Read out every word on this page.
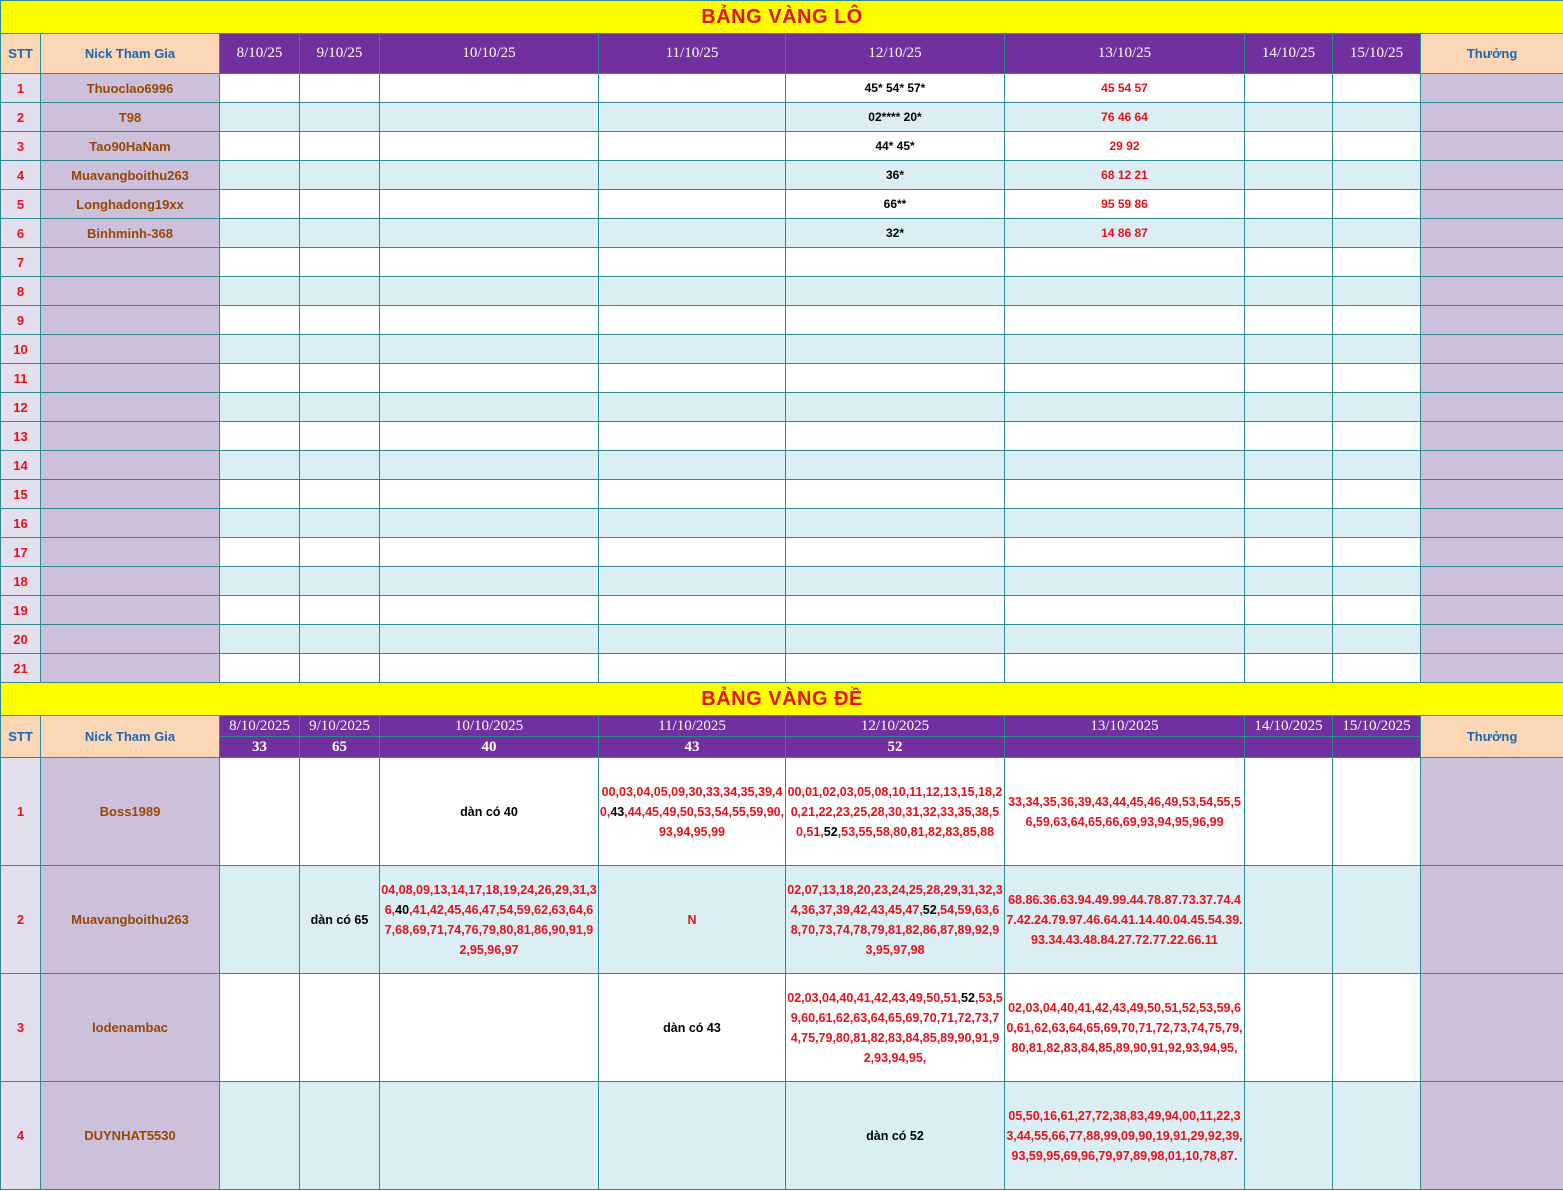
BẢNG VÀNG LÔ										
STT	Nick Tham Gia	8/10/25	9/10/25	10/10/25	11/10/25	12/10/25	13/10/25	14/10/25	15/10/25	Thưởng
1	Thuoclao6996					45* 54* 57*	45 54 57			
2	T98					02**** 20*	76 46 64			
3	Tao90HaNam					44* 45*	29 92			
4	Muavangboithu263					36*	68 12 21			
5	Longhadong19xx					66**	95 59 86			
6	Binhminh-368					32*	14 86 87			
7										
8										
9										
10										
11										
12										
13										
14										
15										
16										
17										
18										
19										
20										
21										
BẢNG VÀNG ĐỀ										
STT	Nick Tham Gia	8/10/2025	9/10/2025	10/10/2025	11/10/2025	12/10/2025	13/10/2025	14/10/2025	15/10/2025	Thưởng
		33	65	40	43	52				
1	Boss1989			dàn có 40	00,03,04,05,09,30,33,34,35,39,40,43,44,45,49,50,53,54,55,59,90,93,94,95,99	00,01,02,03,05,08,10,11,12,13,15,18,20,21,22,23,25,28,30,31,32,33,35,38,50,51,52,53,55,58,80,81,82,83,85,88	33,34,35,36,39,43,44,45,46,49,53,54,55,56,59,63,64,65,66,69,93,94,95,96,99			
2	Muavangboithu263		dàn có 65	04,08,09,13,14,17,18,19,24,26,29,31,36,40,41,42,45,46,47,54,59,62,63,64,67,68,69,71,74,76,79,80,81,86,90,91,92,95,96,97	N	02,07,13,18,20,23,24,25,28,29,31,32,34,36,37,39,42,43,45,47,52,54,59,63,68,70,73,74,78,79,81,82,86,87,89,92,93,95,97,98	68.86.36.63.94.49.99.44.78.87.73.37.74.47.42.24.79.97.46.64.41.14.40.04.45.54.39.93.34.43.48.84.27.72.77.22.66.11			
3	lodenambac				dàn có 43	02,03,04,40,41,42,43,49,50,51,52,53,59,60,61,62,63,64,65,69,70,71,72,73,74,75,79,80,81,82,83,84,85,89,90,91,92,93,94,95,	02,03,04,40,41,42,43,49,50,51,52,53,59,60,61,62,63,64,65,69,70,71,72,73,74,75,79,80,81,82,83,84,85,89,90,91,92,93,94,95,			
4	DUYNHAT5530					dàn có 52	05,50,16,61,27,72,38,83,49,94,00,11,22,33,44,55,66,77,88,99,09,90,19,91,29,92,39,93,59,95,69,96,79,97,89,98,01,10,78,87.			
